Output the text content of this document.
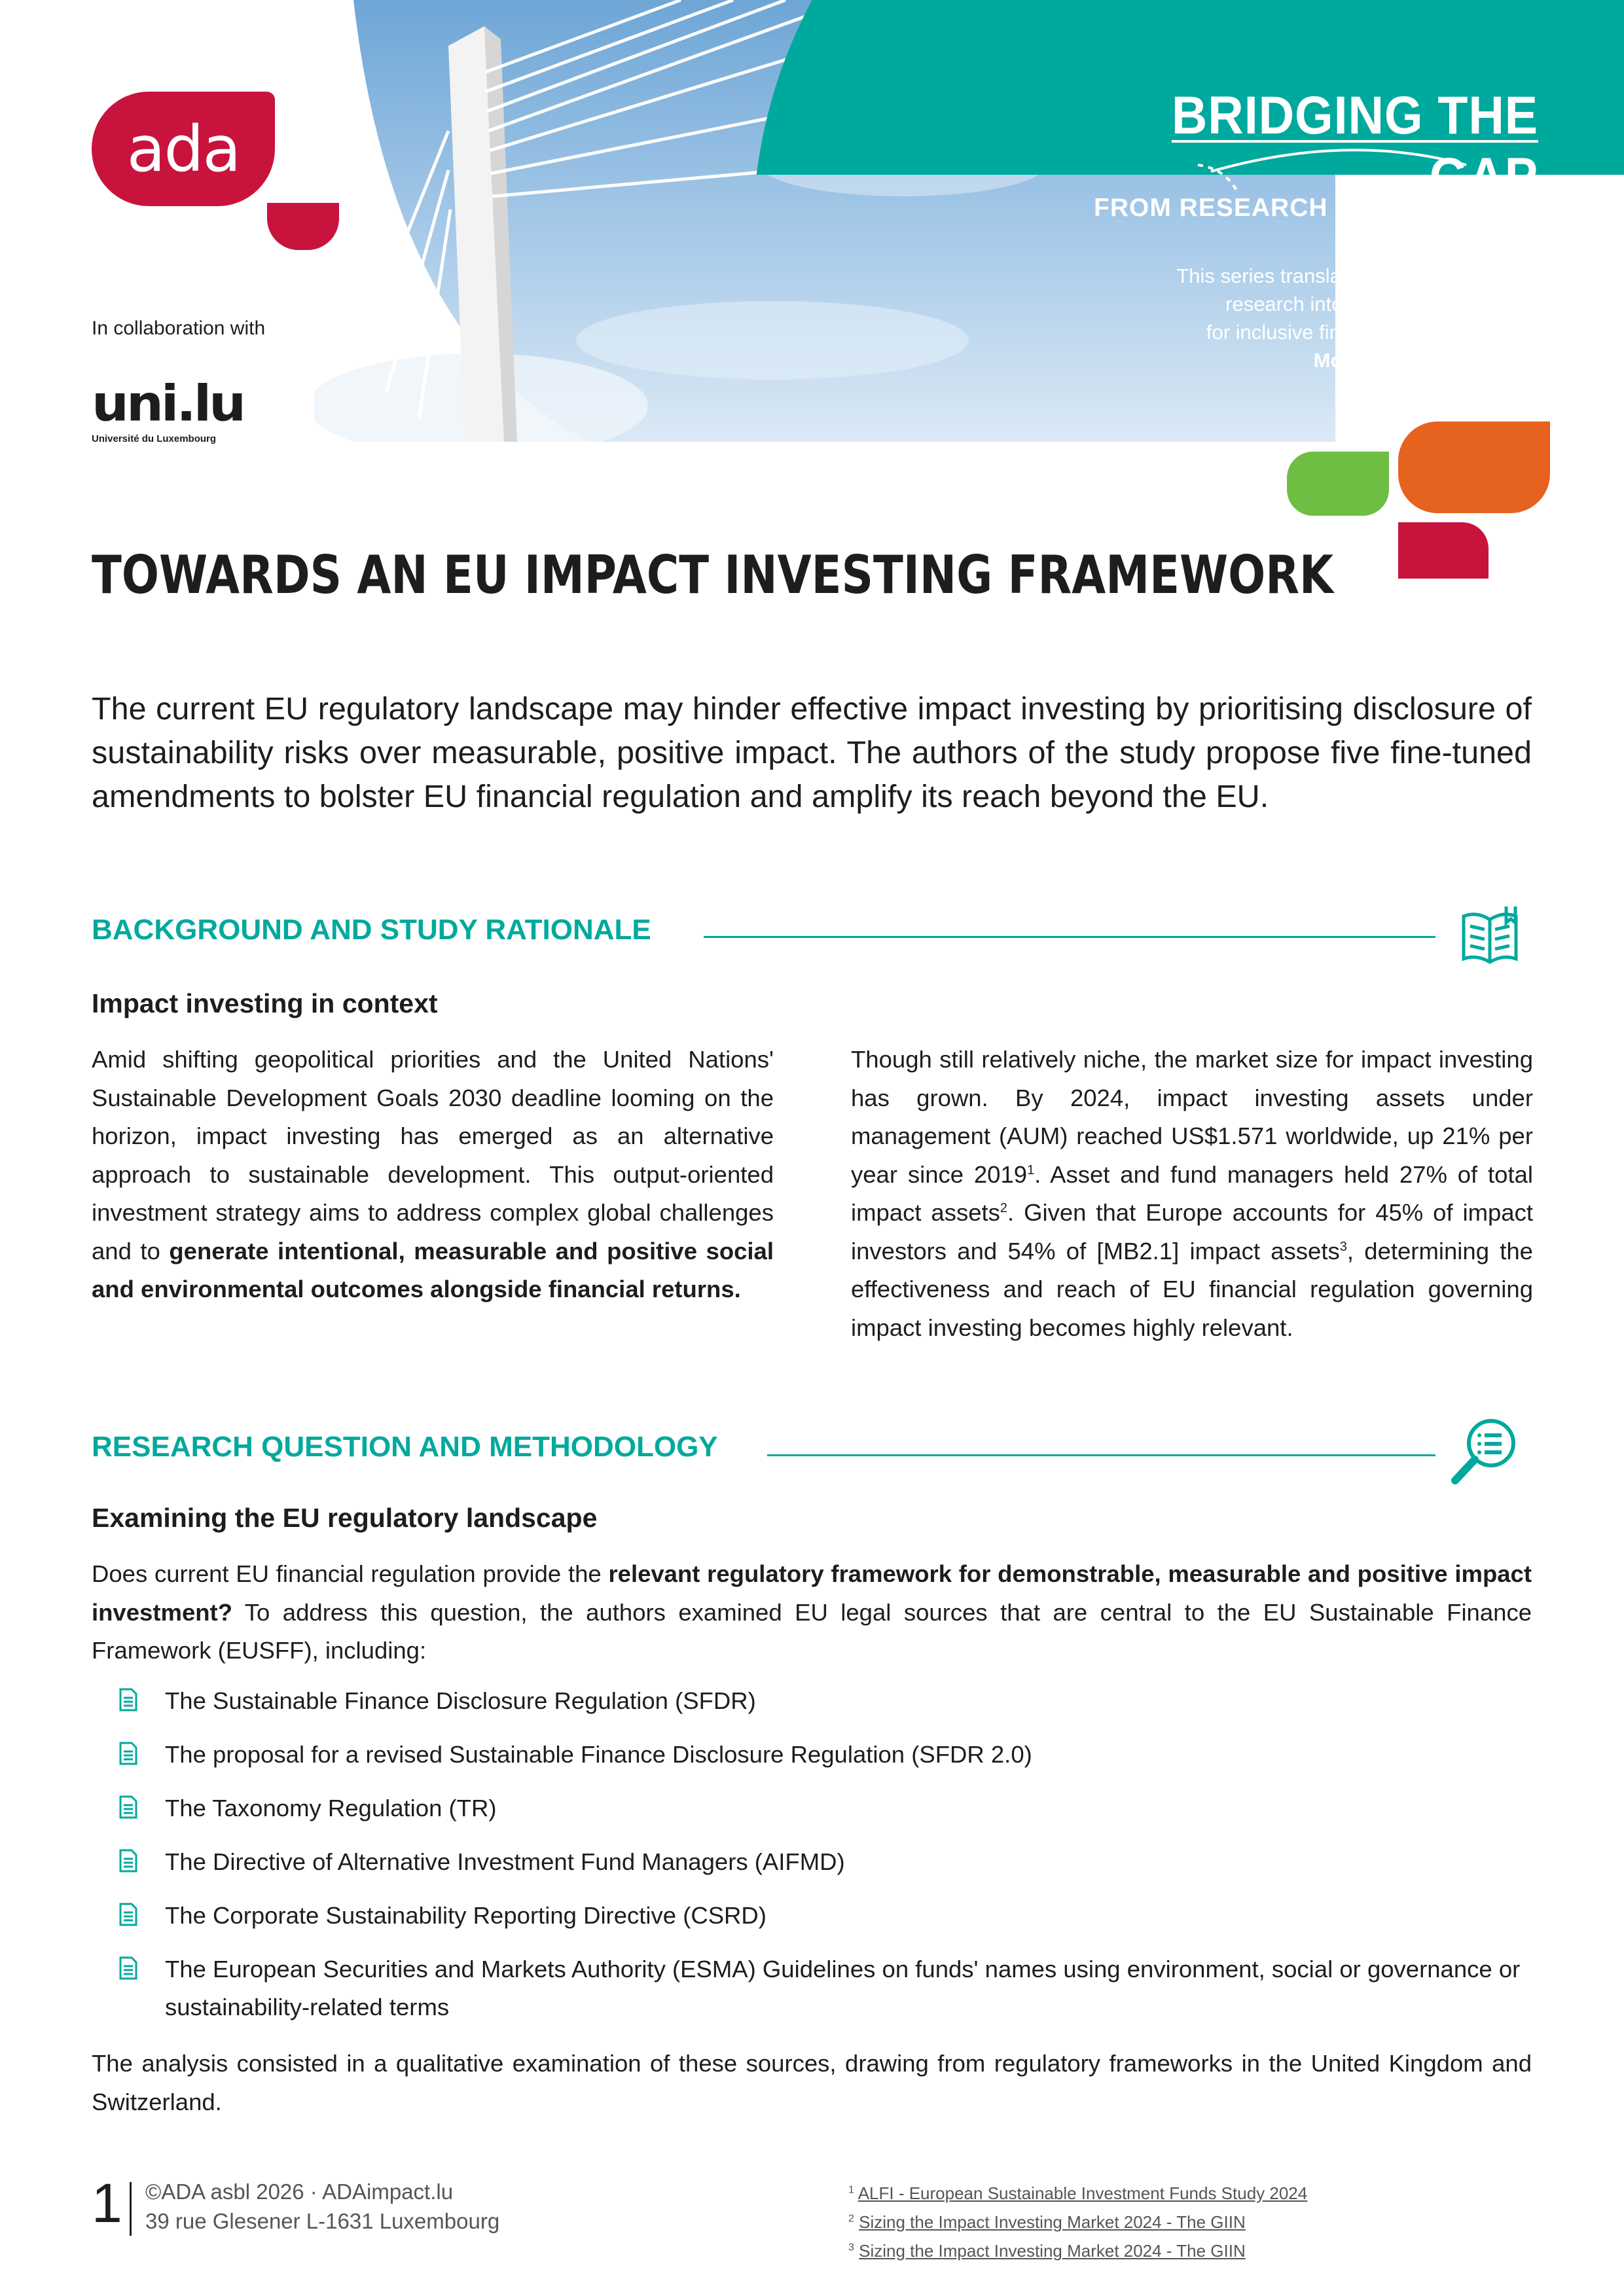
BRIDGING THE GAP
FROM RESEARCH TO PRACTICE
This series translates the ADA Chair's
research into actionable insights
for inclusive finance professionals.
More at adaimpact.lu
ada
In collaboration with
uni.lu
Université du Luxembourg
TOWARDS AN EU IMPACT INVESTING FRAMEWORK
The current EU regulatory landscape may hinder effective impact investing by prioritising disclosure of sustainability risks over measurable, positive impact. The authors of the study propose five fine-tuned amendments to bolster EU financial regulation and amplify its reach beyond the EU.
BACKGROUND AND STUDY RATIONALE
Impact investing in context
Amid shifting geopolitical priorities and the United Nations' Sustainable Development Goals 2030 deadline looming on the horizon, impact investing has emerged as an alternative approach to sustainable development. This output-oriented investment strategy aims to address complex global challenges and to generate intentional, measurable and positive social and environmental outcomes alongside financial returns.
Though still relatively niche, the market size for impact investing has grown. By 2024, impact investing assets under management (AUM) reached US$1.571 worldwide, up 21% per year since 2019$^1$. Asset and fund managers held 27% of total impact assets$^2$. Given that Europe accounts for 45% of impact investors and 54% of [MB2.1] impact assets$^3$, determining the effectiveness and reach of EU financial regulation governing impact investing becomes highly relevant.
RESEARCH QUESTION AND METHODOLOGY
Examining the EU regulatory landscape
Does current EU financial regulation provide the relevant regulatory framework for demonstrable, measurable and positive impact investment? To address this question, the authors examined EU legal sources that are central to the EU Sustainable Finance Framework (EUSFF), including:
The Sustainable Finance Disclosure Regulation (SFDR)
The proposal for a revised Sustainable Finance Disclosure Regulation (SFDR 2.0)
The Taxonomy Regulation (TR)
The Directive of Alternative Investment Fund Managers (AIFMD)
The Corporate Sustainability Reporting Directive (CSRD)
The European Securities and Markets Authority (ESMA) Guidelines on funds' names using environment, social or governance or sustainability-related terms
The analysis consisted in a qualitative examination of these sources, drawing from regulatory frameworks in the United Kingdom and Switzerland.
1 ©ADA asbl 2026 · ADAimpact.lu
39 rue Glesener L-1631 Luxembourg
$^1$ ALFI - European Sustainable Investment Funds Study 2024
$^2$ Sizing the Impact Investing Market 2024 - The GIIN
$^3$ Sizing the Impact Investing Market 2024 - The GIIN
